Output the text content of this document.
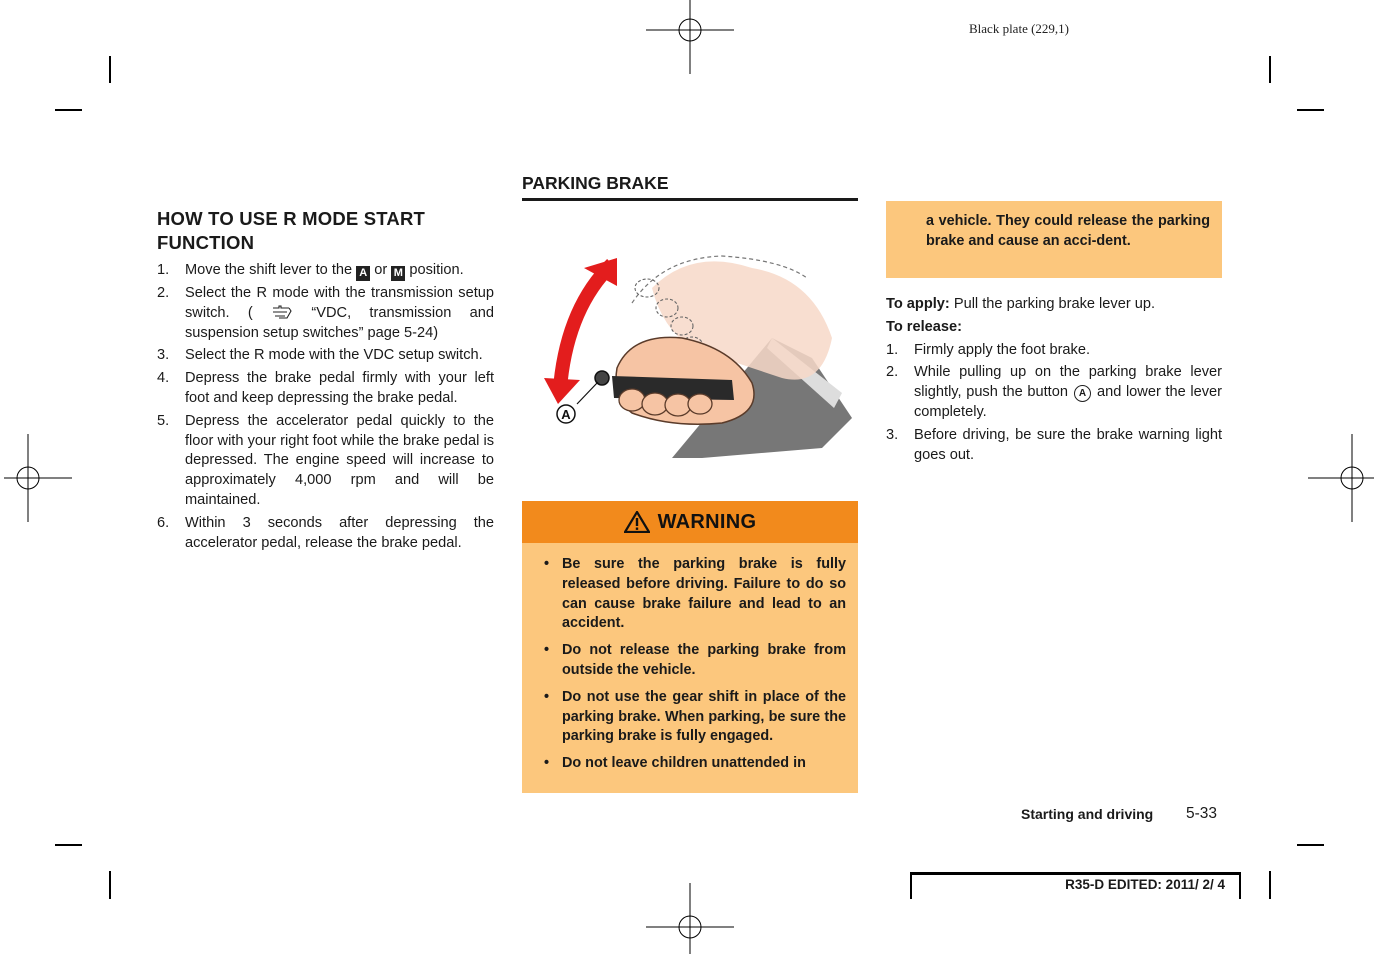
Black plate (229,1)
HOW TO USE R MODE START FUNCTION
1. Move the shift lever to the A or M position.
2. Select the R mode with the transmission setup switch. (	“VDC, transmission and suspension setup switches” page 5-24)
3. Select the R mode with the VDC setup switch.
4. Depress the brake pedal firmly with your left foot and keep depressing the brake pedal.
5. Depress the accelerator pedal quickly to the floor with your right foot while the brake pedal is depressed. The engine speed will increase to approximately 4,000 rpm and will be maintained.
6. Within 3 seconds after depressing the accelerator pedal, release the brake pedal.
PARKING BRAKE
A
WARNING
• Be sure the parking brake is fully released before driving. Failure to do so can cause brake failure and lead to an accident.
• Do not release the parking brake from outside the vehicle.
• Do not use the gear shift in place of the parking brake. When parking, be sure the parking brake is fully engaged.
• Do not leave children unattended in

a vehicle. They could release the parking brake and cause an acci-dent.

To apply: Pull the parking brake lever up.

To release:

1. Firmly apply the foot brake.
2. While pulling up on the parking brake lever slightly, push the button A and lower the lever completely.
3. Before driving, be sure the brake warning light goes out.
Starting and driving 5-33
R35-D EDITED: 2011/ 2/ 4
